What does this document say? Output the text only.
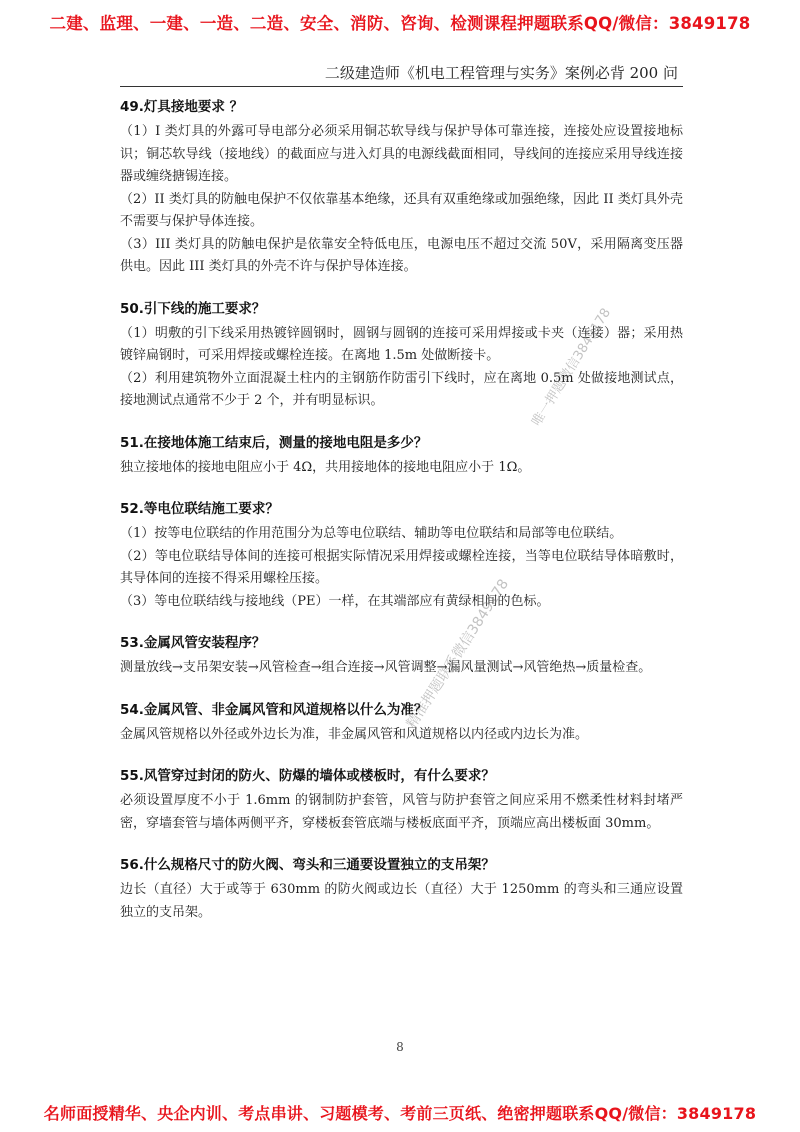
二建、监理、一建、一造、二造、安全、消防、咨询、检测课程押题联系QQ/微信：3849178
二级建造师《机电工程管理与实务》案例必背 200 问

49.灯具接地要求 ？

（1）I 类灯具的外露可导电部分必须采用铜芯软导线与保护导体可靠连接，连接处应设置接地标识；铜芯软导线（接地线）的截面应与进入灯具的电源线截面相同，导线间的连接应采用导线连接器或缠绕搪锡连接。

（2）II 类灯具的防触电保护不仅依靠基本绝缘，还具有双重绝缘或加强绝缘，因此 II 类灯具外壳不需要与保护导体连接。

（3）III 类灯具的防触电保护是依靠安全特低电压，电源电压不超过交流 50V，采用隔离变压器供电。因此 III 类灯具的外壳不许与保护导体连接。

50.引下线的施工要求？

（1）明敷的引下线采用热镀锌圆钢时，圆钢与圆钢的连接可采用焊接或卡夹（连接）器；采用热镀锌扁钢时，可采用焊接或螺栓连接。在离地 1.5m 处做断接卡。

（2）利用建筑物外立面混凝土柱内的主钢筋作防雷引下线时，应在离地 0.5m 处做接地测试点，接地测试点通常不少于 2 个，并有明显标识。

51.在接地体施工结束后，测量的接地电阻是多少？

独立接地体的接地电阻应小于 4Ω，共用接地体的接地电阻应小于 1Ω。

52.等电位联结施工要求？

（1）按等电位联结的作用范围分为总等电位联结、辅助等电位联结和局部等电位联结。

（2）等电位联结导体间的连接可根据实际情况采用焊接或螺栓连接，当等电位联结导体暗敷时，其导体间的连接不得采用螺栓压接。

（3）等电位联结线与接地线（PE）一样，在其端部应有黄绿相间的色标。

53.金属风管安装程序？

测量放线→支吊架安装→风管检查→组合连接→风管调整→漏风量测试→风管绝热→质量检查。

54.金属风管、非金属风管和风道规格以什么为准？

金属风管规格以外径或外边长为准，非金属风管和风道规格以内径或内边长为准。

55.风管穿过封闭的防火、防爆的墙体或楼板时，有什么要求？

必须设置厚度不小于 1.6mm 的钢制防护套管，风管与防护套管之间应采用不燃柔性材料封堵严密，穿墙套管与墙体两侧平齐，穿楼板套管底端与楼板底面平齐，顶端应高出楼板面 30mm。

56.什么规格尺寸的防火阀、弯头和三通要设置独立的支吊架？

边长（直径）大于或等于 630mm 的防火阀或边长（直径）大于 1250mm 的弯头和三通应设置独立的支吊架。

唯一押题微信3849178
精准押题联系微信3849178
8
名师面授精华、央企内训、考点串讲、习题模考、考前三页纸、绝密押题联系QQ/微信：3849178
